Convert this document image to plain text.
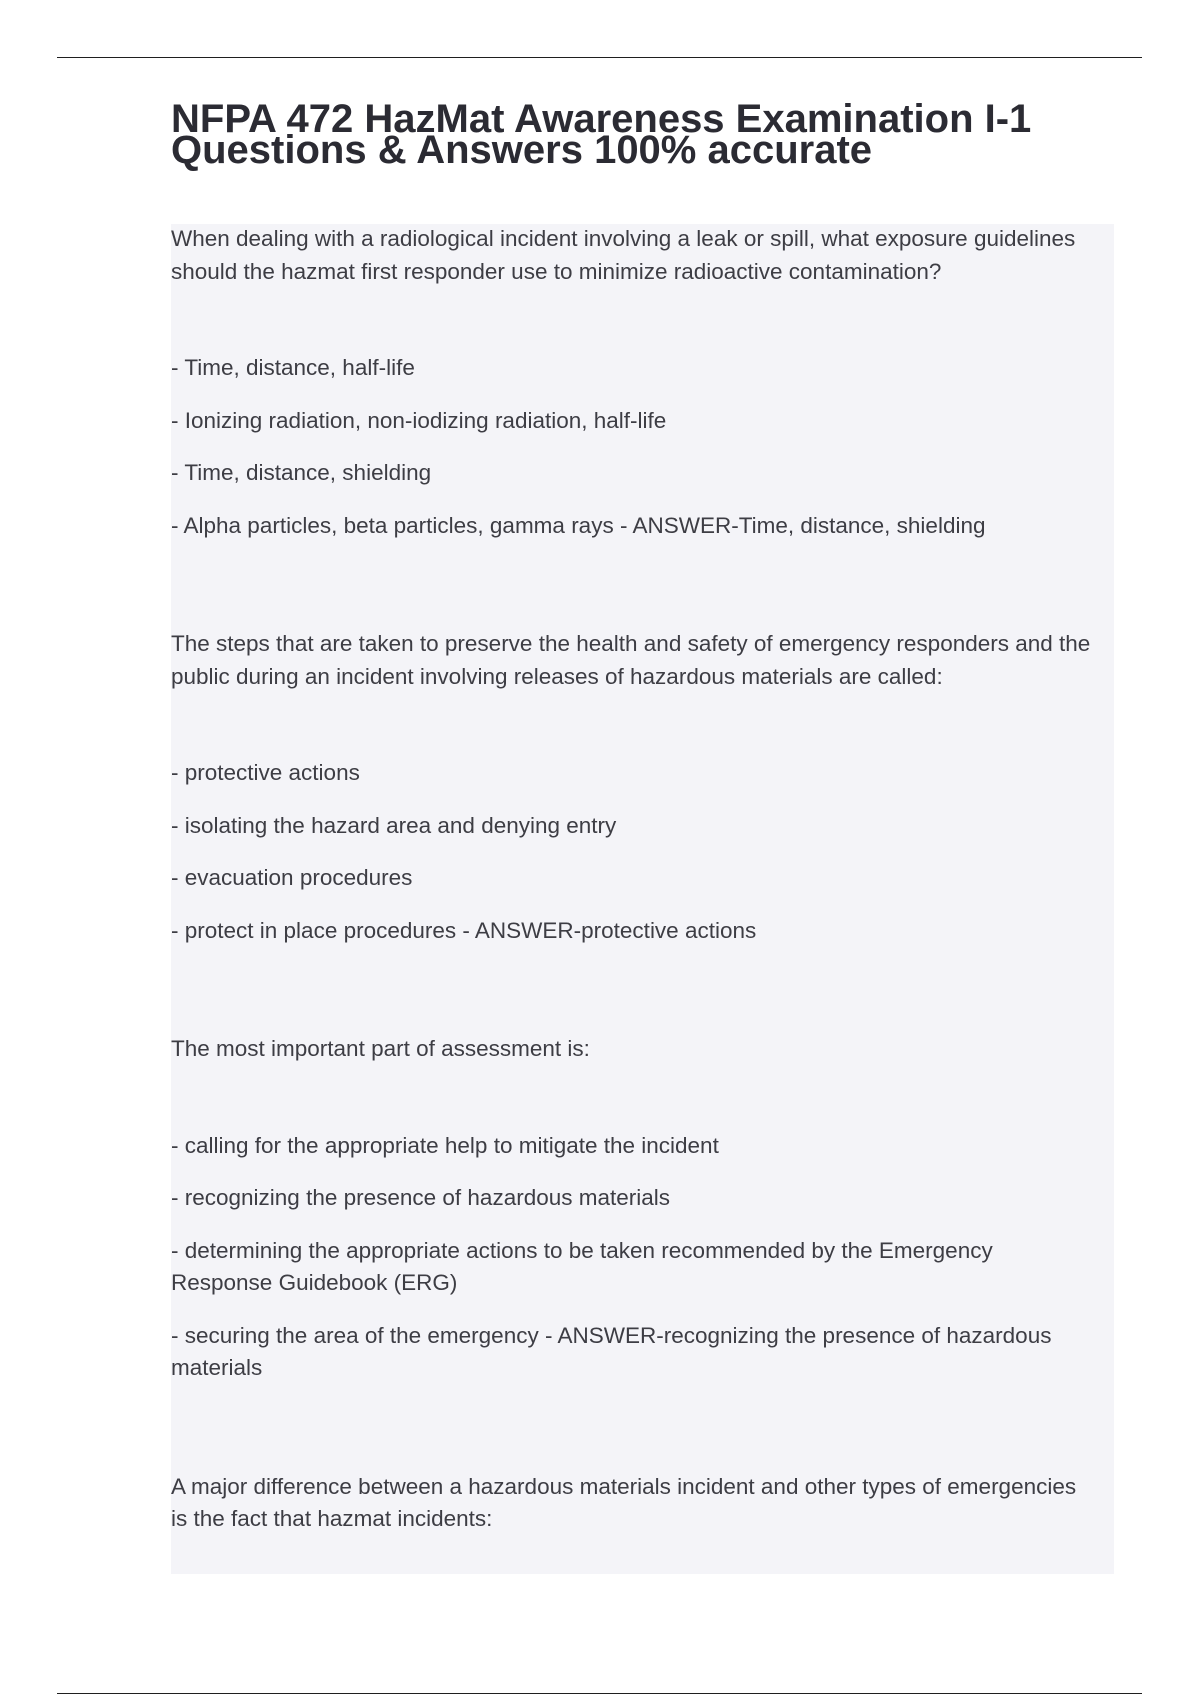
NFPA 472 HazMat Awareness Examination I-1 Questions & Answers 100% accurate

When dealing with a radiological incident involving a leak or spill, what exposure guidelines should the hazmat first responder use to minimize radioactive contamination?

- Time, distance, half-life

- Ionizing radiation, non-iodizing radiation, half-life

- Time, distance, shielding

- Alpha particles, beta particles, gamma rays - ANSWER-Time, distance, shielding

The steps that are taken to preserve the health and safety of emergency responders and the public during an incident involving releases of hazardous materials are called:

- protective actions

- isolating the hazard area and denying entry

- evacuation procedures

- protect in place procedures - ANSWER-protective actions

The most important part of assessment is:

- calling for the appropriate help to mitigate the incident

- recognizing the presence of hazardous materials

- determining the appropriate actions to be taken recommended by the Emergency Response Guidebook (ERG)

- securing the area of the emergency - ANSWER-recognizing the presence of hazardous materials

A major difference between a hazardous materials incident and other types of emergencies is the fact that hazmat incidents:
